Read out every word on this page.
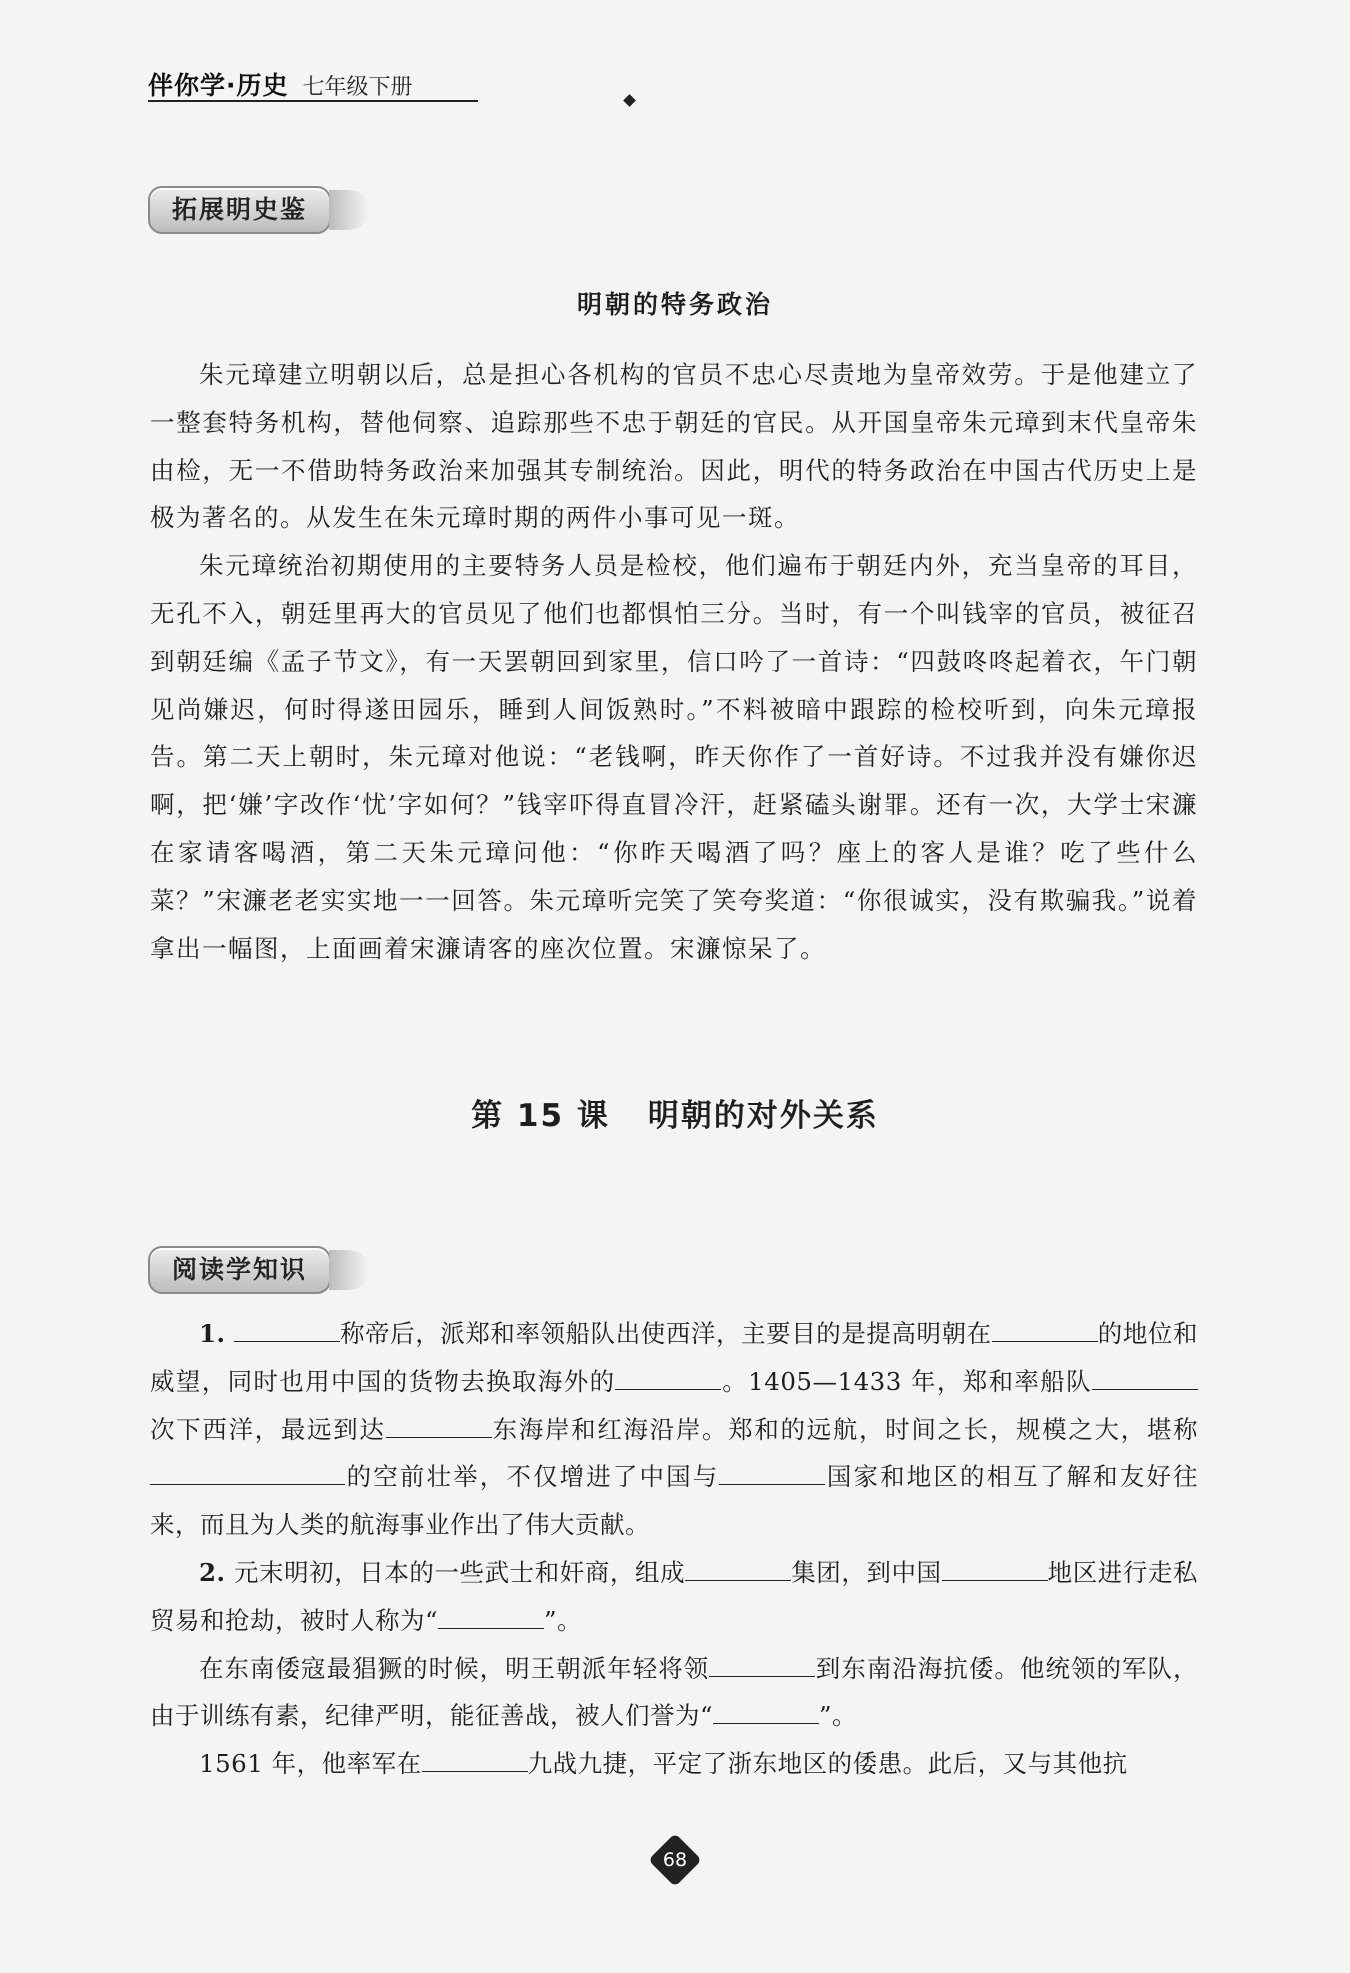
伴你学·历史 七年级下册
拓展明史鉴
明朝的特务政治

朱元璋建立明朝以后，总是担心各机构的官员不忠心尽责地为皇帝效劳。于是他建立了一整套特务机构，替他伺察、追踪那些不忠于朝廷的官民。从开国皇帝朱元璋到末代皇帝朱由检，无一不借助特务政治来加强其专制统治。因此，明代的特务政治在中国古代历史上是极为著名的。从发生在朱元璋时期的两件小事可见一斑。

朱元璋统治初期使用的主要特务人员是检校，他们遍布于朝廷内外，充当皇帝的耳目，无孔不入，朝廷里再大的官员见了他们也都惧怕三分。当时，有一个叫钱宰的官员，被征召到朝廷编《孟子节文》，有一天罢朝回到家里，信口吟了一首诗：“四鼓咚咚起着衣，午门朝见尚嫌迟，何时得遂田园乐，睡到人间饭熟时。”不料被暗中跟踪的检校听到，向朱元璋报告。第二天上朝时，朱元璋对他说：“老钱啊，昨天你作了一首好诗。不过我并没有嫌你迟啊，把‘嫌’字改作‘忧’字如何？”钱宰吓得直冒冷汗，赶紧磕头谢罪。还有一次，大学士宋濂在家请客喝酒，第二天朱元璋问他：“你昨天喝酒了吗？座上的客人是谁？吃了些什么菜？”宋濂老老实实地一一回答。朱元璋听完笑了笑夸奖道：“你很诚实，没有欺骗我。”说着拿出一幅图，上面画着宋濂请客的座次位置。宋濂惊呆了。

第 15 课 明朝的对外关系
阅读学知识

1.	称帝后，派郑和率领船队出使西洋，主要目的是提高明朝在	的地位和威望，同时也用中国的货物去换取海外的	。1405—1433 年，郑和率船队次下西洋，最远到达	东海岸和红海沿岸。郑和的远航，时间之长，规模之大，堪称的空前壮举，不仅增进了中国与	国家和地区的相互了解和友好往来，而且为人类的航海事业作出了伟大贡献。

2. 元末明初，日本的一些武士和奸商，组成	集团，到中国	地区进行走私贸易和抢劫，被时人称为“	”。

在东南倭寇最猖獗的时候，明王朝派年轻将领	到东南沿海抗倭。他统领的军队，由于训练有素，纪律严明，能征善战，被人们誉为“	”。

1561 年，他率军在	九战九捷，平定了浙东地区的倭患。此后，又与其他抗

68
